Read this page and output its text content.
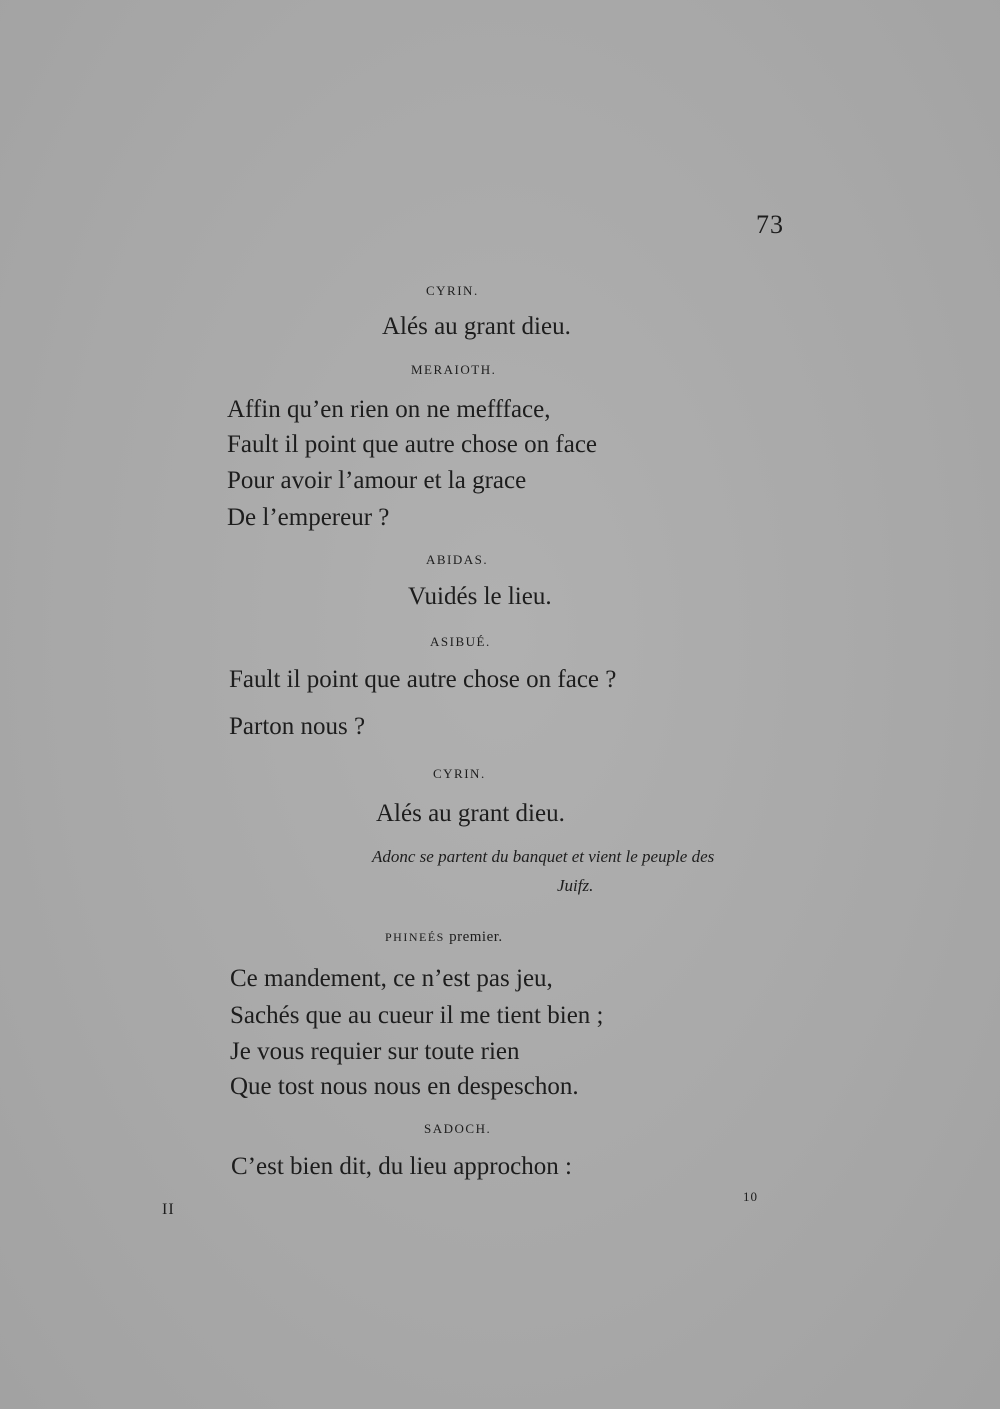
73
CYRIN.
Alés au grant dieu.
MERAIOTH.
Affin qu’en rien on ne meffface,
Fault il point que autre chose on face
Pour avoir l’amour et la grace
De l’empereur ?
ABIDAS.
Vuidés le lieu.
ASIBUÉ.
Fault il point que autre chose on face ?
Parton nous ?
CYRIN.
Alés au grant dieu.
Adonc se partent du banquet et vient le peuple des
Juifz.
PHINEÉS premier.
Ce mandement, ce n’est pas jeu,
Sachés que au cueur il me tient bien ;
Je vous requier sur toute rien
Que tost nous nous en despeschon.
SADOCH.
C’est bien dit, du lieu approchon :
II
10
